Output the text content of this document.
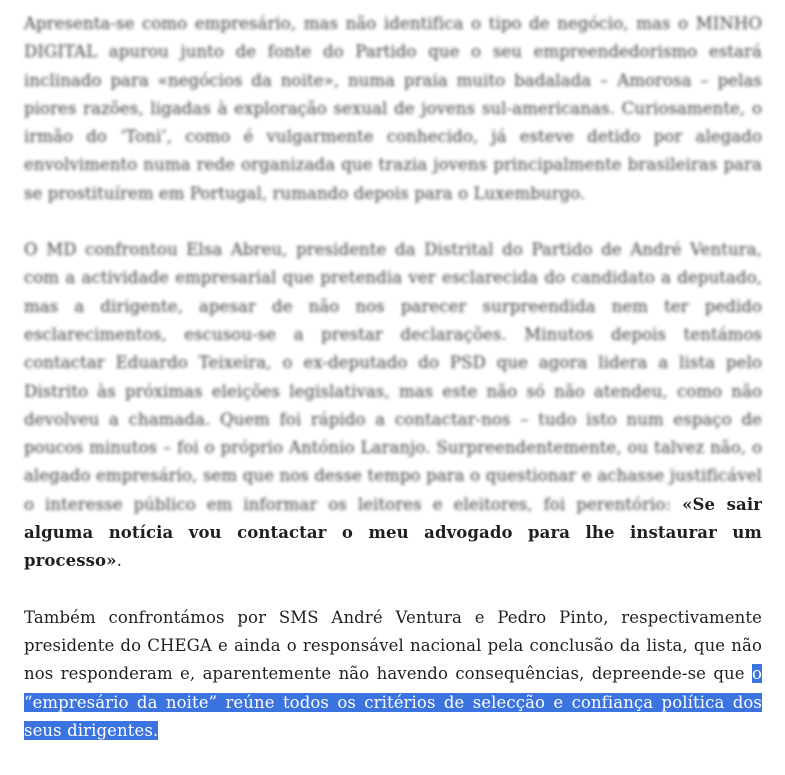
Apresenta-se como empresário, mas não identifica o tipo de negócio, mas o MINHO DIGITAL apurou junto de fonte do Partido que o seu empreendedorismo estará inclinado para «negócios da noite», numa praia muito badalada – Amorosa – pelas piores razões, ligadas à exploração sexual de jovens sul-americanas. Curiosamente, o irmão do ‘Toni’, como é vulgarmente conhecido, já esteve detido por alegado envolvimento numa rede organizada que trazia jovens principalmente brasileiras para se prostituírem em Portugal, rumando depois para o Luxemburgo.

O MD confrontou Elsa Abreu, presidente da Distrital do Partido de André Ventura, com a actividade empresarial que pretendia ver esclarecida do candidato a deputado, mas a dirigente, apesar de não nos parecer surpreendida nem ter pedido esclarecimentos, escusou-se a prestar declarações. Minutos depois tentámos contactar Eduardo Teixeira, o ex-deputado do PSD que agora lidera a lista pelo Distrito às próximas eleições legislativas, mas este não só não atendeu, como não devolveu a chamada. Quem foi rápido a contactar-nos – tudo isto num espaço de poucos minutos – foi o próprio António Laranjo. Surpreendentemente, ou talvez não, o alegado empresário, sem que nos desse tempo para o questionar e achasse justificável o interesse público em informar os leitores e eleitores, foi perentório: «Se sair alguma notícia vou contactar o meu advogado para lhe instaurar um processo».

Também confrontámos por SMS André Ventura e Pedro Pinto, respectivamente presidente do CHEGA e ainda o responsável nacional pela conclusão da lista, que não nos responderam e, aparentemente não havendo consequências, depreende-se que o “empresário da noite” reúne todos os critérios de selecção e confiança política dos seus dirigentes.
